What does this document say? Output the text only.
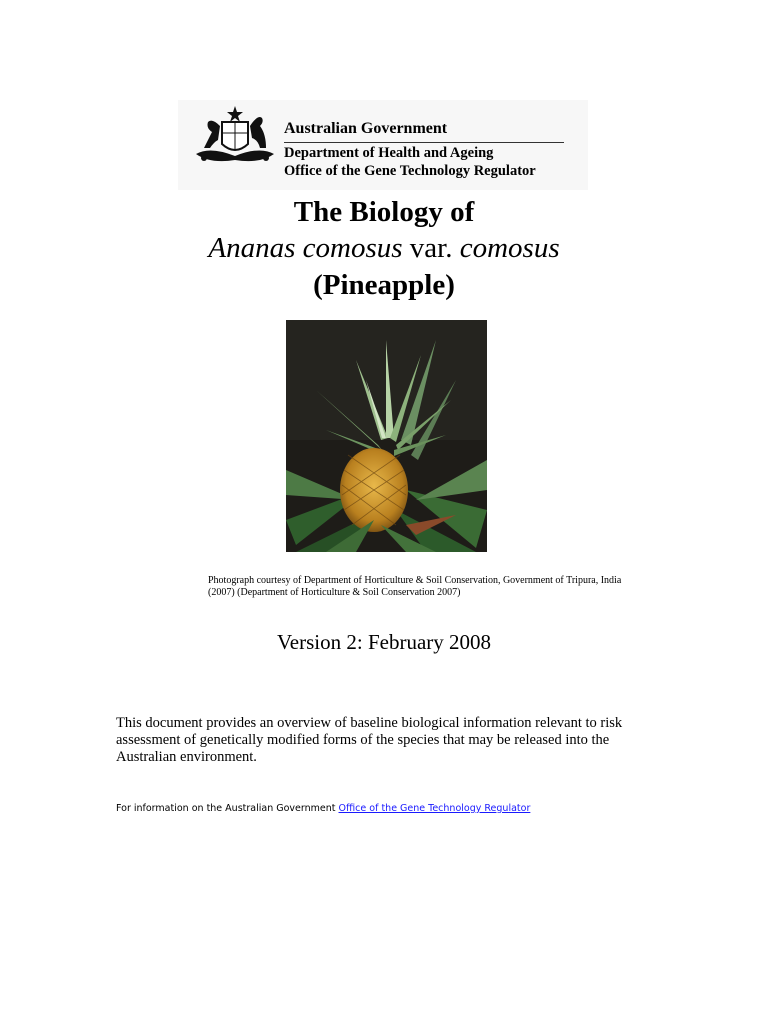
Australian Government
Department of Health and Ageing
Office of the Gene Technology Regulator
The Biology of
Ananas comosus var. comosus
(Pineapple)
Photograph courtesy of Department of Horticulture & Soil Conservation, Government of Tripura, India (2007) (Department of Horticulture & Soil Conservation 2007)
Version 2: February 2008
This document provides an overview of baseline biological information relevant to risk assessment of genetically modified forms of the species that may be released into the Australian environment.
For information on the Australian Government Office of the Gene Technology Regulator
